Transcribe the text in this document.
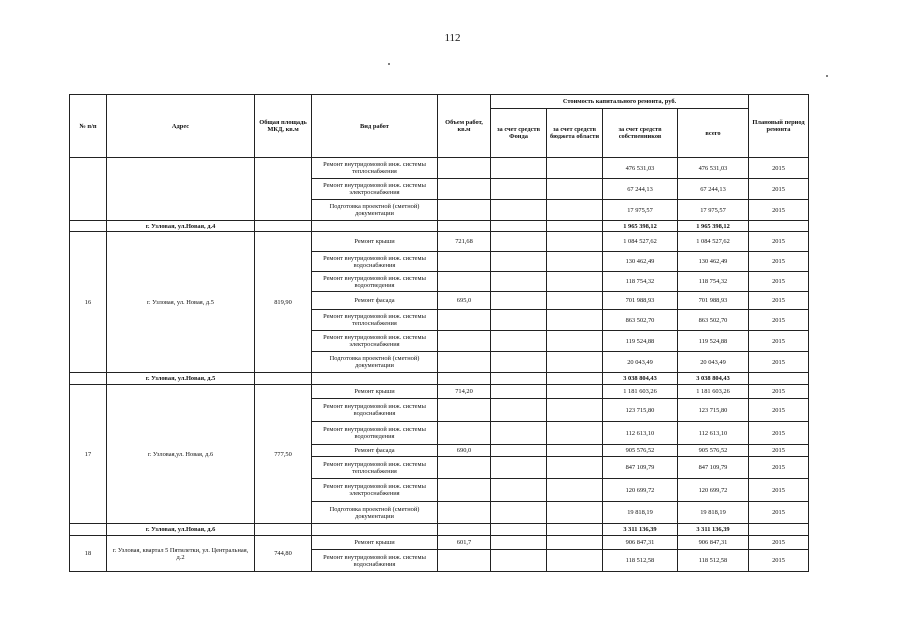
112
№ п/п	Адрес	Общая площадь МКД, кв.м	Вид работ	Объем работ, кв.м	Стоимость капитального ремонта, руб.				Плановый период ремонта
					за счет средств Фонда	за счет средств бюджета области	за счет средств собственников	всего	
			Ремонт внутридомовой инж. системы теплоснабжения				476 531,03	476 531,03	2015
			Ремонт внутридомовой инж. системы электроснабжения				67 244,13	67 244,13	2015
			Подготовка проектной (сметной) документации				17 975,57	17 975,57	2015
	г. Узловая, ул.Новая, д.4						1 965 398,12	1 965 398,12	
16	г. Узловая, ул. Новая, д.5	819,90	Ремонт крыши	721,68			1 084 527,62	1 084 527,62	2015
			Ремонт внутридомовой инж. системы водоснабжения				130 462,49	130 462,49	2015
			Ремонт внутридомовой инж. системы водоотведения				118 754,32	118 754,32	2015
			Ремонт фасада	695,0			701 988,93	701 988,93	2015
			Ремонт внутридомовой инж. системы теплоснабжения				863 502,70	863 502,70	2015
			Ремонт внутридомовой инж. системы электроснабжения				119 524,88	119 524,88	2015
			Подготовка проектной (сметной) документации				20 043,49	20 043,49	2015
	г. Узловая, ул.Новая, д.5						3 038 804,43	3 038 804,43	
17	г. Узловая,ул. Новая, д.6	777,50	Ремонт крыши	714,20			1 181 603,26	1 181 603,26	2015
			Ремонт внутридомовой инж. системы водоснабжения				123 715,80	123 715,80	2015
			Ремонт внутридомовой инж. системы водоотведения				112 613,10	112 613,10	2015
			Ремонт фасада	690,0			905 576,52	905 576,52	2015
			Ремонт внутридомовой инж. системы теплоснабжения				847 109,79	847 109,79	2015
			Ремонт внутридомовой инж. системы электроснабжения				120 699,72	120 699,72	2015
			Подготовка проектной (сметной) документации				19 818,19	19 818,19	2015
	г. Узловая, ул.Новая, д.6						3 311 136,39	3 311 136,39	
18	г. Узловая, квартал 5 Пятилетки, ул. Центральная, д.2	744,80	Ремонт крыши	601,7			906 847,31	906 847,31	2015
			Ремонт внутридомовой инж. системы водоснабжения				118 512,58	118 512,58	2015
